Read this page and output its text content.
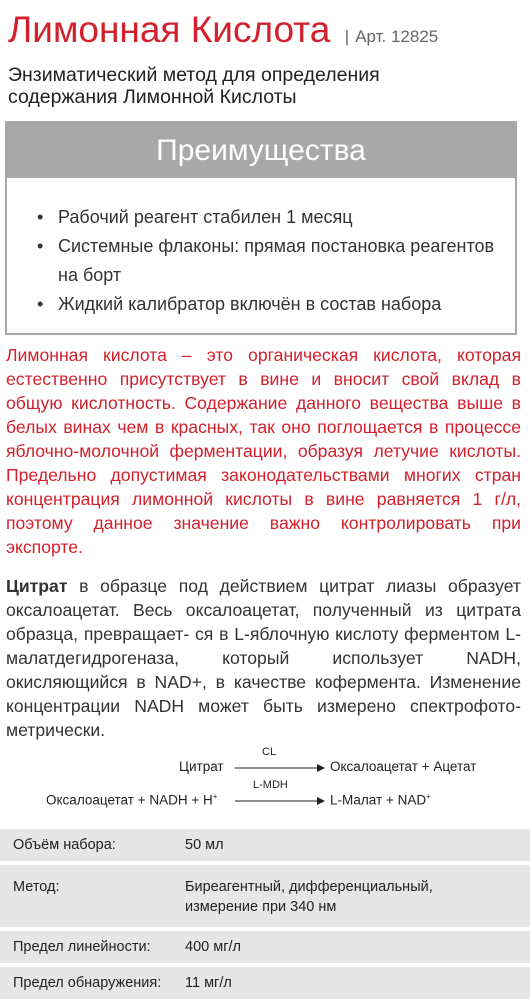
Лимонная Кислота | Арт. 12825
Энзиматический метод для определения
содержания Лимонной Кислоты
Преимущества
• Рабочий реагент стабилен 1 месяц
• Системные флаконы: прямая постановка реагентов на борт
• Жидкий калибратор включён в состав набора
Лимонная кислота – это органическая кислота, которая естественно присутствует в вине и вносит свой вклад в общую кислотность. Содержание данного вещества выше в белых винах чем в красных, так оно поглощается в процессе яблочно-молочной ферментации, образуя летучие кислоты. Предельно допустимая законодательствами многих стран концентрация лимонной кислоты в вине равняется 1 г/л, поэтому данное значение важно контролировать при экспорте.
Цитрат в образце под действием цитрат лиазы образует оксалоацетат. Весь оксалоацетат, полученный из цитрата образца, превращает- ся в L-яблочную кислоту ферментом L-малатдегидрогеназа, который использует NADH, окисляющийся в NAD+, в качестве кофермента. Изменение концентрации NADH может быть измерено спектрофото- метрически.
Цитрат
CL
Оксалоацетат + Ацетат
Оксалоацетат + NADH + H+
L-MDH
L-Малат + NAD+
Объём набора:	50 мл

Метод:	Биреагентный, дифференциальный,
измерение при 340 нм

Предел линейности:	400 мг/л

Предел обнаружения:	11 мг/л
